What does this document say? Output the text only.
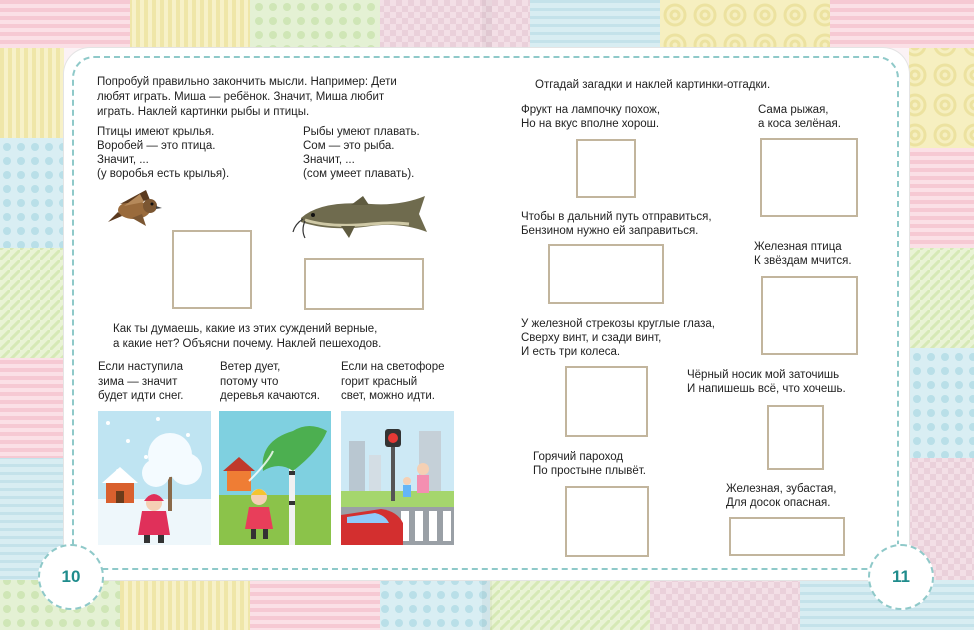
Попробуй правильно закончить мысли. Например: Дети
любят играть. Миша — ребёнок. Значит, Миша любит
играть. Наклей картинки рыбы и птицы.
Птицы имеют крылья.
Воробей — это птица.
Значит, ...
(у воробья есть крылья).
Рыбы умеют плавать.
Сом — это рыба.
Значит, ...
(сом умеет плавать).
Как ты думаешь, какие из этих суждений верные,
а какие нет? Объясни почему. Наклей пешеходов.
Если наступила
зима — значит
будет идти снег.
Ветер дует,
потому что
деревья качаются.
Если на светофоре
горит красный
свет, можно идти.
Отгадай загадки и наклей картинки-отгадки.
Фрукт на лампочку похож,
Но на вкус вполне хорош.
Сама рыжая,
а коса зелёная.
Чтобы в дальний путь отправиться,
Бензином нужно ей заправиться.
Железная птица
К звёздам мчится.
У железной стрекозы круглые глаза,
Сверху винт, и сзади винт,
И есть три колеса.
Чёрный носик мой заточишь
И напишешь всё, что хочешь.
Горячий пароход
По простыне плывёт.
Железная, зубастая,
Для досок опасная.
10	11
